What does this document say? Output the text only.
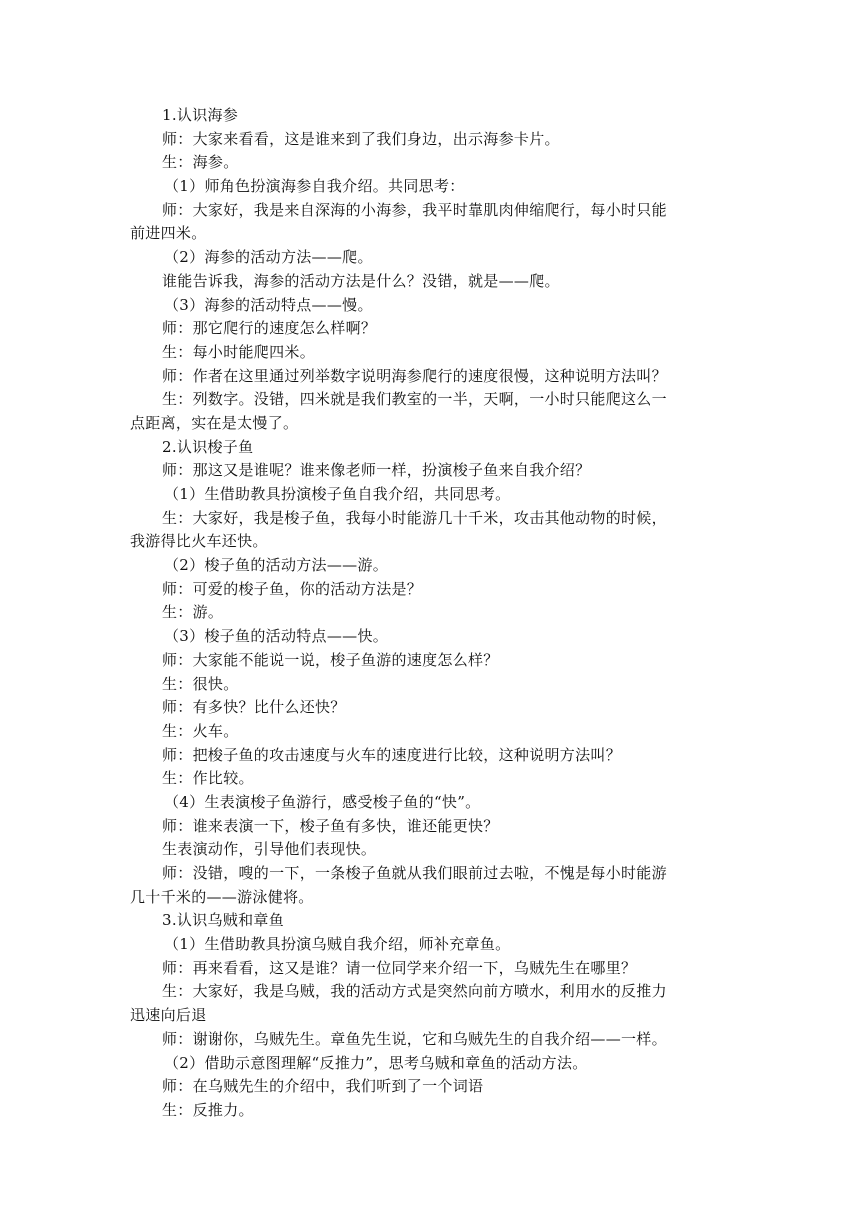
1.认识海参
师：大家来看看，这是谁来到了我们身边，出示海参卡片。
生：海参。
（1）师角色扮演海参自我介绍。共同思考：
师：大家好，我是来自深海的小海参，我平时靠肌肉伸缩爬行，每小时只能
前进四米。
（2）海参的活动方法——爬。
谁能告诉我，海参的活动方法是什么？没错，就是——爬。
（3）海参的活动特点——慢。
师：那它爬行的速度怎么样啊？
生：每小时能爬四米。
师：作者在这里通过列举数字说明海参爬行的速度很慢，这种说明方法叫？
生：列数字。没错，四米就是我们教室的一半，天啊，一小时只能爬这么一
点距离，实在是太慢了。
2.认识梭子鱼
师：那这又是谁呢？谁来像老师一样，扮演梭子鱼来自我介绍？
（1）生借助教具扮演梭子鱼自我介绍，共同思考。
生：大家好，我是梭子鱼，我每小时能游几十千米，攻击其他动物的时候，
我游得比火车还快。
（2）梭子鱼的活动方法——游。
师：可爱的梭子鱼，你的活动方法是？
生：游。
（3）梭子鱼的活动特点——快。
师：大家能不能说一说，梭子鱼游的速度怎么样？
生：很快。
师：有多快？比什么还快？
生：火车。
师：把梭子鱼的攻击速度与火车的速度进行比较，这种说明方法叫？
生：作比较。
（4）生表演梭子鱼游行，感受梭子鱼的“快”。
师：谁来表演一下，梭子鱼有多快，谁还能更快？
生表演动作，引导他们表现快。
师：没错，嗖的一下，一条梭子鱼就从我们眼前过去啦，不愧是每小时能游
几十千米的——游泳健将。
3.认识乌贼和章鱼
（1）生借助教具扮演乌贼自我介绍，师补充章鱼。
师：再来看看，这又是谁？请一位同学来介绍一下，乌贼先生在哪里？
生：大家好，我是乌贼，我的活动方式是突然向前方喷水，利用水的反推力
迅速向后退
师：谢谢你，乌贼先生。章鱼先生说，它和乌贼先生的自我介绍——一样。
（2）借助示意图理解“反推力”，思考乌贼和章鱼的活动方法。
师：在乌贼先生的介绍中，我们听到了一个词语
生：反推力。
